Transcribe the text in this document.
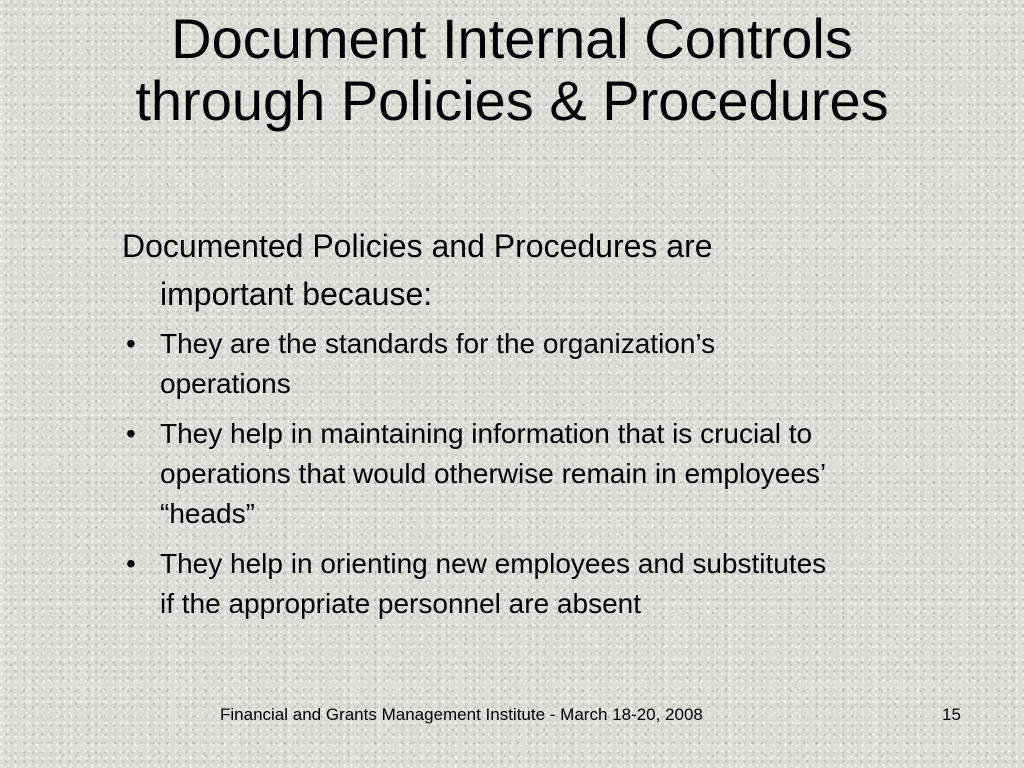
Document Internal Controls
through Policies & Procedures

Documented Policies and Procedures are
important because:

• They are the standards for the organization’s
operations
• They help in maintaining information that is crucial to
operations that would otherwise remain in employees’
“heads”
• They help in orienting new employees and substitutes
if the appropriate personnel are absent
Financial and Grants Management Institute - March 18-20, 2008	15
